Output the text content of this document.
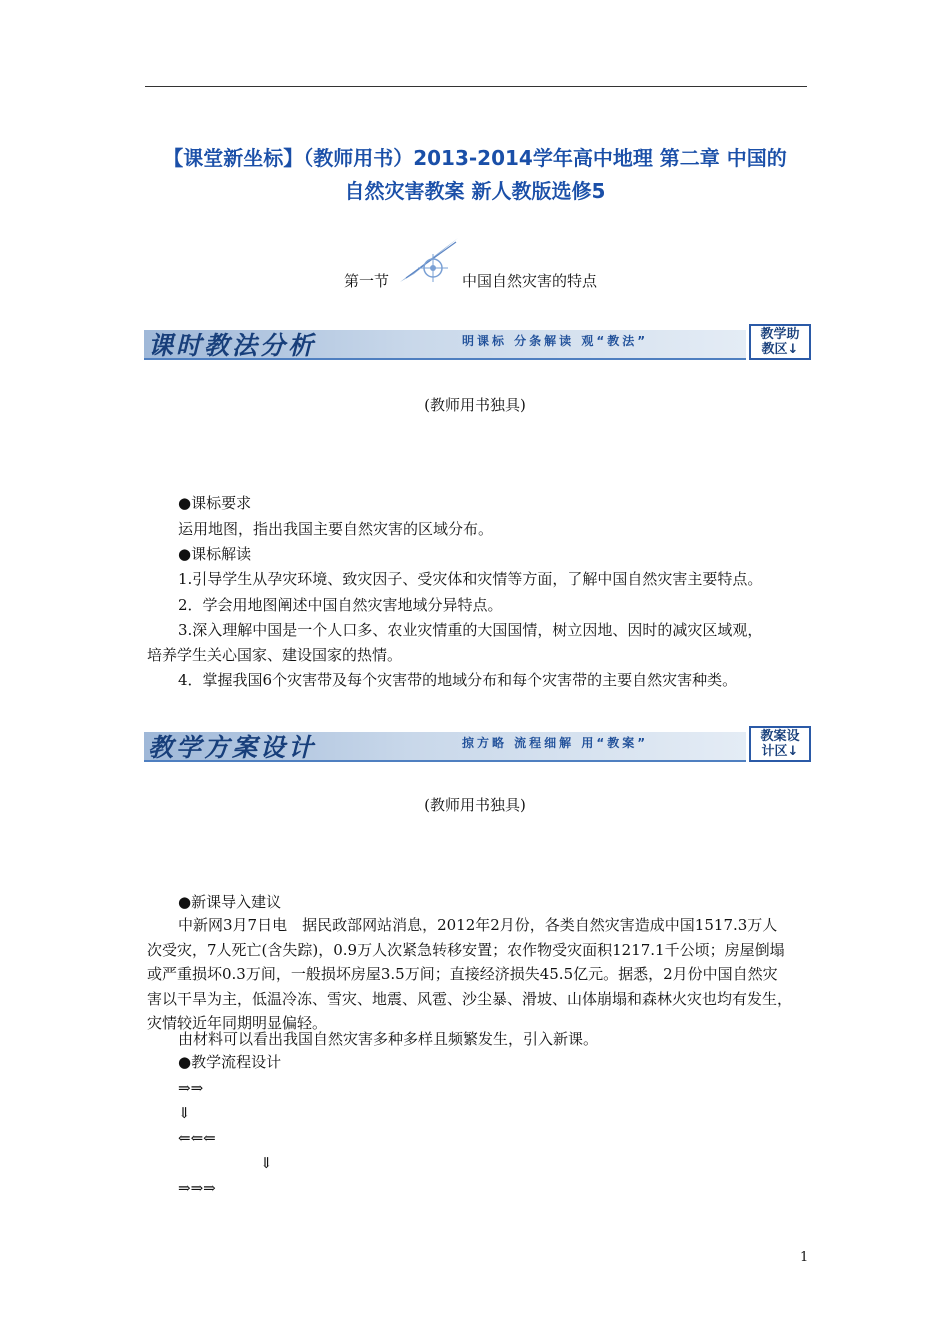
【课堂新坐标】（教师用书）2013-2014学年高中地理 第二章 中国的
自然灾害教案 新人教版选修5
第一节	中国自然灾害的特点
课时教法分析	明课标 分条解读 观“教法”	教学助
教区↓
(教师用书独具)
●课标要求
运用地图，指出我国主要自然灾害的区域分布。
●课标解读
1.引导学生从孕灾环境、致灾因子、受灾体和灾情等方面，了解中国自然灾害主要特点。
2．学会用地图阐述中国自然灾害地域分异特点。
3.深入理解中国是一个人口多、农业灾情重的大国国情，树立因地、因时的减灾区域观，
培养学生关心国家、建设国家的热情。
4．掌握我国6个灾害带及每个灾害带的地域分布和每个灾害带的主要自然灾害种类。
教学方案设计	掠方略 流程细解 用“教案”	教案设
计区↓
(教师用书独具)
●新课导入建议
中新网3月7日电　据民政部网站消息，2012年2月份，各类自然灾害造成中国1517.3万人次受灾，7人死亡(含失踪)，0.9万人次紧急转移安置；农作物受灾面积1217.1千公顷；房屋倒塌或严重损坏0.3万间，一般损坏房屋3.5万间；直接经济损失45.5亿元。据悉，2月份中国自然灾害以干旱为主，低温冷冻、雪灾、地震、风雹、沙尘暴、滑坡、山体崩塌和森林火灾也均有发生，灾情较近年同期明显偏轻。
由材料可以看出我国自然灾害多种多样且频繁发生，引入新课。
●教学流程设计
⇒⇒
⇓
⇐⇐⇐
⇓
⇒⇒⇒
1
